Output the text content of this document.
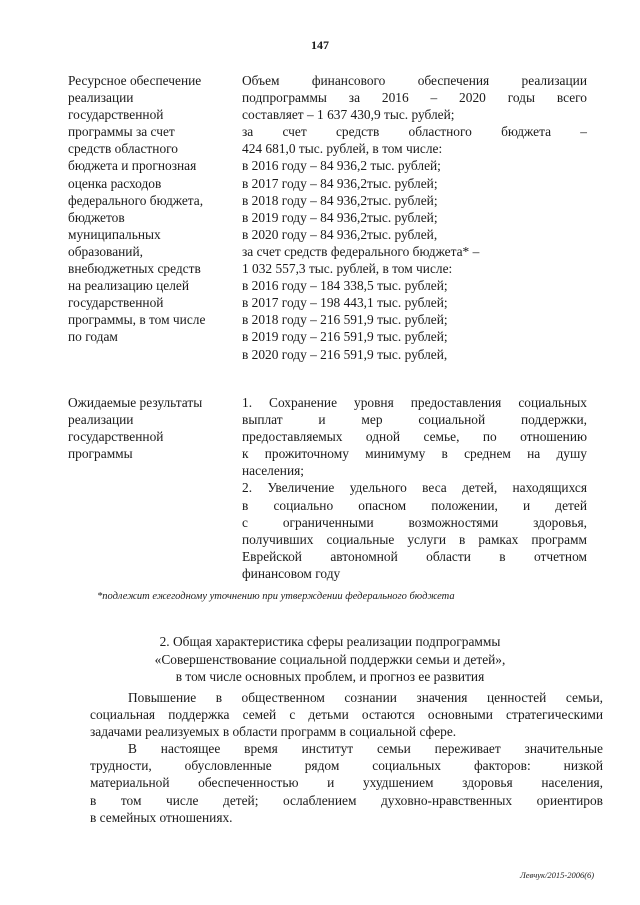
147
Ресурсное обеспечение
реализации
государственной
программы за счет
средств областного
бюджета и прогнозная
оценка расходов
федерального бюджета,
бюджетов
муниципальных
образований,
внебюджетных средств
на реализацию целей
государственной
программы, в том числе
по годам
Объем финансового обеспечения реализации
подпрограммы за 2016 – 2020 годы всего
составляет – 1 637 430,9 тыс. рублей;
за счет средств областного бюджета –
424 681,0 тыс. рублей, в том числе:
в 2016 году – 84 936,2 тыс. рублей;
в 2017 году – 84 936,2тыс. рублей;
в 2018 году – 84 936,2тыс. рублей;
в 2019 году – 84 936,2тыс. рублей;
в 2020 году – 84 936,2тыс. рублей,
за счет средств федерального бюджета* –
1 032 557,3 тыс. рублей, в том числе:
в 2016 году – 184 338,5 тыс. рублей;
в 2017 году – 198 443,1 тыс. рублей;
в 2018 году – 216 591,9 тыс. рублей;
в 2019 году – 216 591,9 тыс. рублей;
в 2020 году – 216 591,9 тыс. рублей,
Ожидаемые результаты
реализации
государственной
программы
1. Сохранение уровня предоставления социальных
выплат и мер социальной поддержки,
предоставляемых одной семье, по отношению
к прожиточному минимуму в среднем на душу
населения;
2. Увеличение удельного веса детей, находящихся
в социально опасном положении, и детей
с ограниченными возможностями здоровья,
получивших социальные услуги в рамках программ
Еврейской автономной области в отчетном
финансовом году
*подлежит ежегодному уточнению при утверждении федерального бюджета
2. Общая характеристика сферы реализации подпрограммы
«Совершенствование социальной поддержки семьи и детей»,
в том числе основных проблем, и прогноз ее развития
Повышение в общественном сознании значения ценностей семьи,
социальная поддержка семей с детьми остаются основными стратегическими
задачами реализуемых в области программ в социальной сфере.
В настоящее время институт семьи переживает значительные
трудности, обусловленные рядом социальных факторов: низкой
материальной обеспеченностью и ухудшением здоровья населения,
в том числе детей; ослаблением духовно-нравственных ориентиров
в семейных отношениях.
Левчук/2015-2006(6)
